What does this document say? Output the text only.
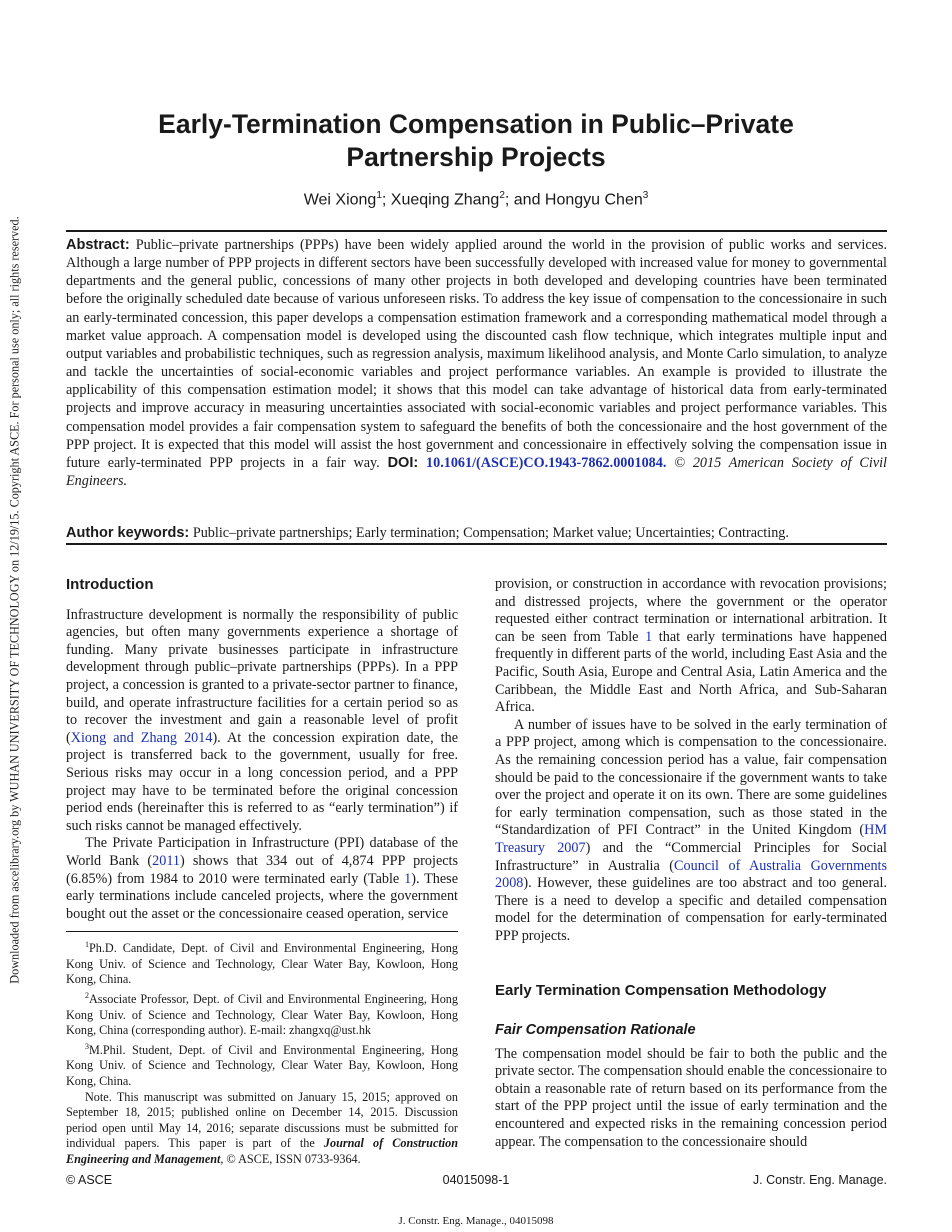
Downloaded from ascelibrary.org by WUHAN UNIVERSITY OF TECHNOLOGY on 12/19/15. Copyright ASCE. For personal use only; all rights reserved.
Early-Termination Compensation in Public–Private
Partnership Projects
Wei Xiong$^1$; Xueqing Zhang$^2$; and Hongyu Chen$^3$
Abstract: Public–private partnerships (PPPs) have been widely applied around the world in the provision of public works and services. Although a large number of PPP projects in different sectors have been successfully developed with increased value for money to governmental departments and the general public, concessions of many other projects in both developed and developing countries have been terminated before the originally scheduled date because of various unforeseen risks. To address the key issue of compensation to the concessionaire in such an early-terminated concession, this paper develops a compensation estimation framework and a corresponding mathematical model through a market value approach. A compensation model is developed using the discounted cash flow technique, which integrates multiple input and output variables and probabilistic techniques, such as regression analysis, maximum likelihood analysis, and Monte Carlo simulation, to analyze and tackle the uncertainties of social-economic variables and project performance variables. An example is provided to illustrate the applicability of this compensation estimation model; it shows that this model can take advantage of historical data from early-terminated projects and improve accuracy in measuring uncertainties associated with social-economic variables and project performance variables. This compensation model provides a fair compensation system to safeguard the benefits of both the concessionaire and the host government of the PPP project. It is expected that this model will assist the host government and concessionaire in effectively solving the compensation issue in future early-terminated PPP projects in a fair way. DOI: 10.1061/(ASCE)CO.1943-7862.0001084. © 2015 American Society of Civil Engineers.
Author keywords: Public–private partnerships; Early termination; Compensation; Market value; Uncertainties; Contracting.
Introduction

Infrastructure development is normally the responsibility of public agencies, but often many governments experience a shortage of funding. Many private businesses participate in infrastructure development through public–private partnerships (PPPs). In a PPP project, a concession is granted to a private-sector partner to finance, build, and operate infrastructure facilities for a certain period so as to recover the investment and gain a reasonable level of profit (Xiong and Zhang 2014). At the concession expiration date, the project is transferred back to the government, usually for free. Serious risks may occur in a long concession period, and a PPP project may have to be terminated before the original concession period ends (hereinafter this is referred to as “early termination”) if such risks cannot be managed effectively.

The Private Participation in Infrastructure (PPI) database of the World Bank (2011) shows that 334 out of 4,874 PPP projects (6.85%) from 1984 to 2010 were terminated early (Table 1). These early terminations include canceled projects, where the government bought out the asset or the concessionaire ceased operation, service

$^1$Ph.D. Candidate, Dept. of Civil and Environmental Engineering, Hong Kong Univ. of Science and Technology, Clear Water Bay, Kowloon, Hong Kong, China.

$^2$Associate Professor, Dept. of Civil and Environmental Engineering, Hong Kong Univ. of Science and Technology, Clear Water Bay, Kowloon, Hong Kong, China (corresponding author). E-mail: zhangxq@ust.hk

$^3$M.Phil. Student, Dept. of Civil and Environmental Engineering, Hong Kong Univ. of Science and Technology, Clear Water Bay, Kowloon, Hong Kong, China.

Note. This manuscript was submitted on January 15, 2015; approved on September 18, 2015; published online on December 14, 2015. Discussion period open until May 14, 2016; separate discussions must be submitted for individual papers. This paper is part of the Journal of Construction Engineering and Management, © ASCE, ISSN 0733-9364.

provision, or construction in accordance with revocation provisions; and distressed projects, where the government or the operator requested either contract termination or international arbitration. It can be seen from Table 1 that early terminations have happened frequently in different parts of the world, including East Asia and the Pacific, South Asia, Europe and Central Asia, Latin America and the Caribbean, the Middle East and North Africa, and Sub-Saharan Africa.

A number of issues have to be solved in the early termination of a PPP project, among which is compensation to the concessionaire. As the remaining concession period has a value, fair compensation should be paid to the concessionaire if the government wants to take over the project and operate it on its own. There are some guidelines for early termination compensation, such as those stated in the “Standardization of PFI Contract” in the United Kingdom (HM Treasury 2007) and the “Commercial Principles for Social Infrastructure” in Australia (Council of Australia Governments 2008). However, these guidelines are too abstract and too general. There is a need to develop a specific and detailed compensation model for the determination of compensation for early-terminated PPP projects.

Early Termination Compensation Methodology
Fair Compensation Rationale

The compensation model should be fair to both the public and the private sector. The compensation should enable the concessionaire to obtain a reasonable rate of return based on its performance from the start of the PPP project until the issue of early termination and the encountered and expected risks in the remaining concession period appear. The compensation to the concessionaire should

© ASCE	04015098-1	J. Constr. Eng. Manage.
J. Constr. Eng. Manage., 04015098
